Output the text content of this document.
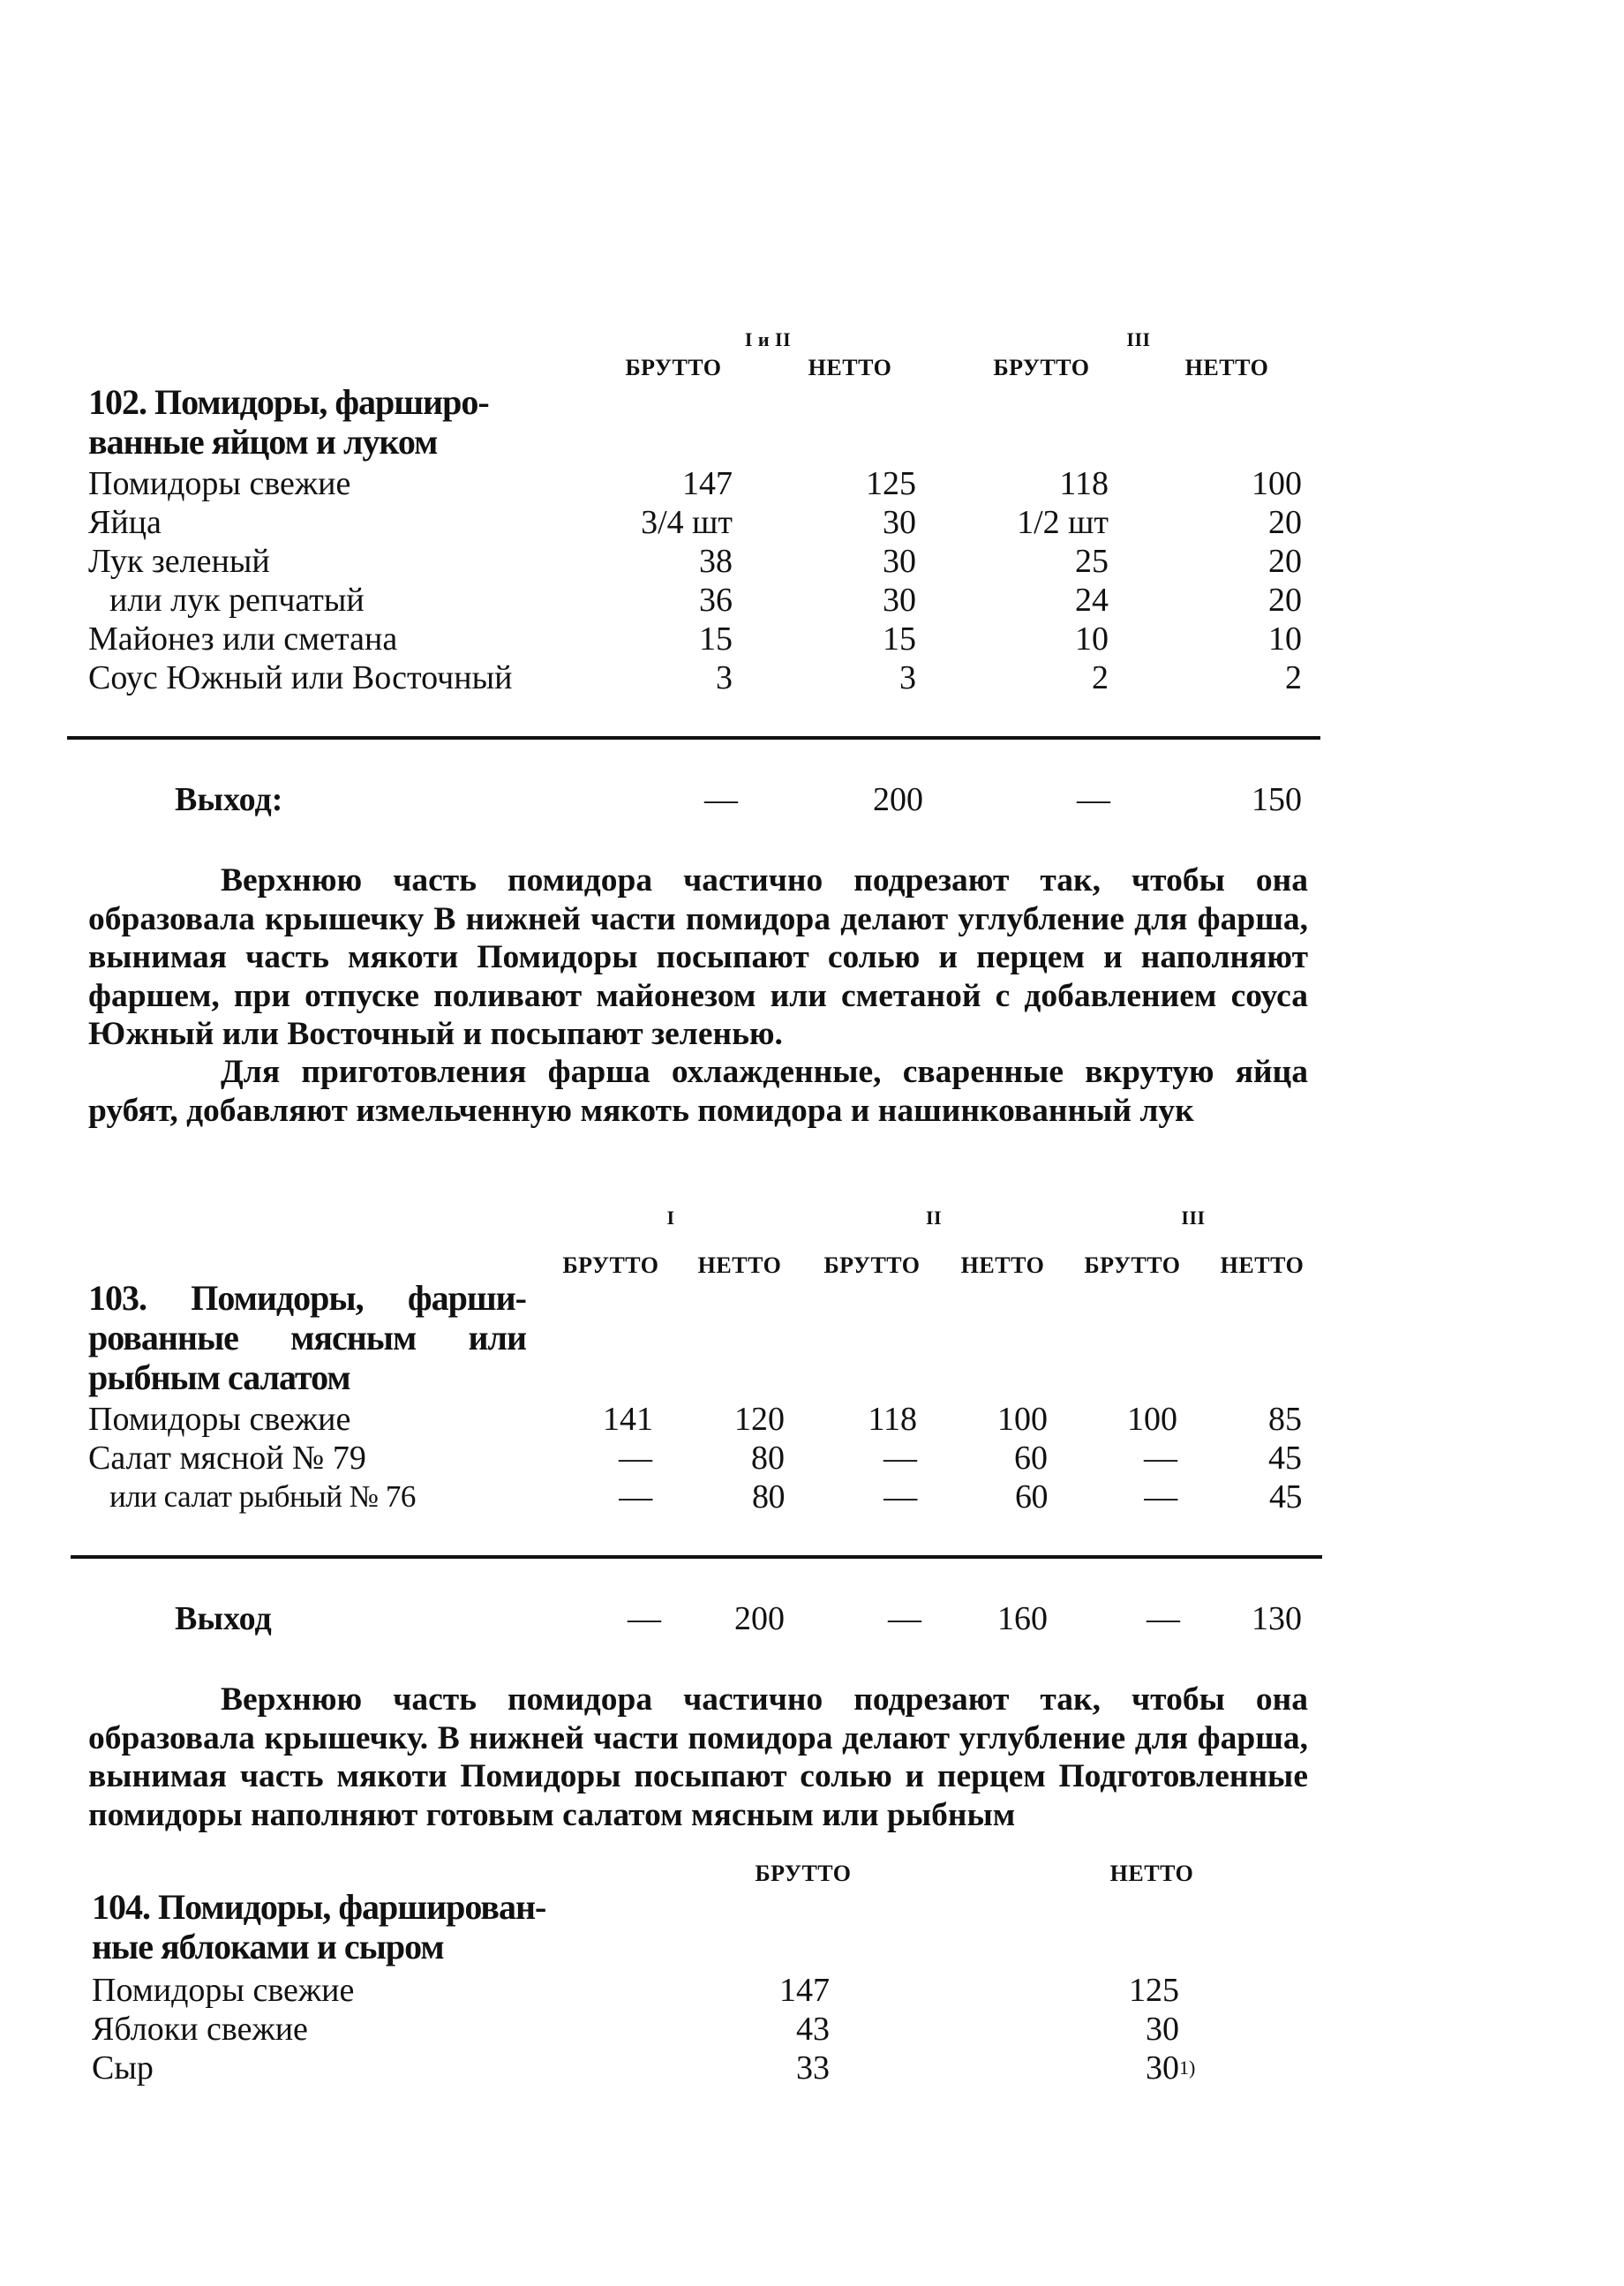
I и II	III
БРУТТО	НЕТТО	БРУТТО	НЕТТО
102. Помидоры, фарширо-
ванные яйцом и луком
Помидоры свежие	147	125	118	100
Яйца	3/4 шт	30	1/2 шт	20
Лук зеленый	38	30	25	20
или лук репчатый	36	30	24	20
Майонез или сметана	15	15	10	10
Соус Южный или Восточный	3	3	2	2
Выход:	—	200	—	150
Верхнюю часть помидора частично подрезают так, чтобы она образовала крышечку В нижней части помидора делают углубление для фарша, вынимая часть мякоти Помидоры посыпают солью и перцем и наполняют фаршем, при отпуске поливают майонезом или сметаной с добавлением соуса Южный или Восточный и посыпают зеленью.
Для приготовления фарша охлажденные, сваренные вкрутую яйца рубят, добавляют измельченную мякоть помидора и нашинкованный лук
I	II	III
БРУТТО НЕТТО БРУТТО НЕТТО БРУТТО НЕТТО
103. Помидоры, фарши-
рованные мясным или
рыбным салатом
Помидоры свежие	141 120 118 100 100	85
Салат мясной № 79	—	80	—	60	—	45
или салат рыбный № 76	—	80	—	60	—	45
Выход	— 200	— 160	— 130
Верхнюю часть помидора частично подрезают так, чтобы она образовала крышечку. В нижней части помидора делают углубление для фарша, вынимая часть мякоти Помидоры посыпают солью и перцем Подготовленные помидоры наполняют готовым салатом мясным или рыбным
БРУТТО	НЕТТО
104. Помидоры, фарширован-
ные яблоками и сыром
Помидоры свежие	147	125
Яблоки свежие	43	30
Сыр	33	30$^{1)}$
